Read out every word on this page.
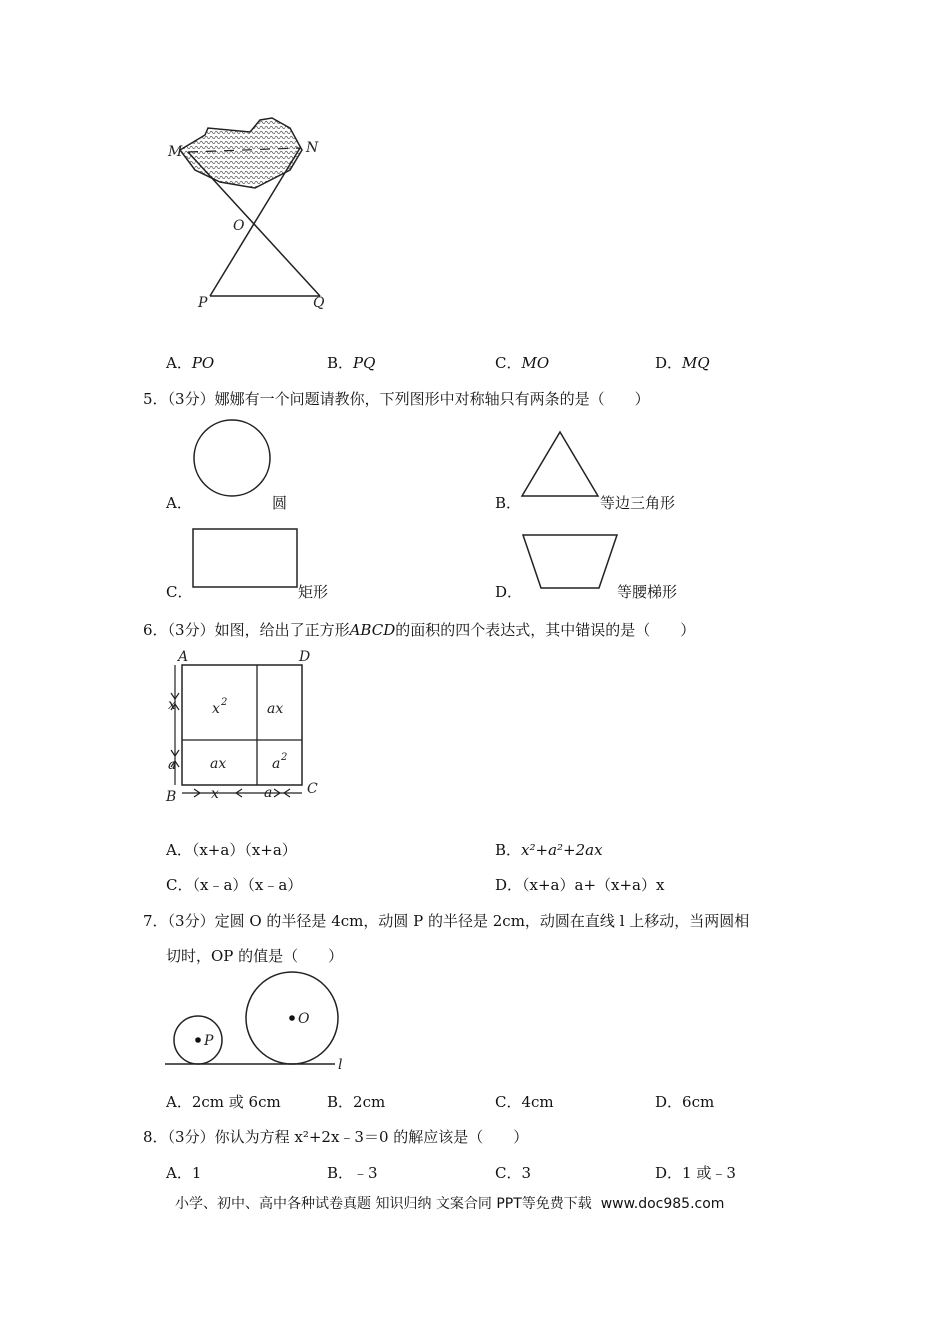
M	N
O
P	Q
A．PO	B．PQ	C．MO	D．MQ
5．（3分）娜娜有一个问题请教你，下列图形中对称轴只有两条的是（　　）
A．	圆	B．	等边三角形
C．	矩形	D．	等腰梯形
6．（3分）如图，给出了正方形ABCD的面积的四个表达式，其中错误的是（　　）
A	D
B	C
x 2	ax
ax	a 2
x
a
x	a
A．（x+a）（x+a）	B．x²+a²+2ax
C．（x﹣a）（x﹣a）	D．（x+a）a+（x+a）x
7．（3分）定圆 O 的半径是 4cm，动圆 P 的半径是 2cm，动圆在直线 l 上移动，当两圆相
切时，OP 的值是（　　）
P
O
l
A．2cm 或 6cm	B．2cm	C．4cm	D．6cm
8．（3分）你认为方程 x²+2x﹣3＝0 的解应该是（　　）
A．1	B．﹣3	C．3	D．1 或﹣3
小学、初中、高中各种试卷真题 知识归纳 文案合同 PPT等免费下载 www.doc985.com
